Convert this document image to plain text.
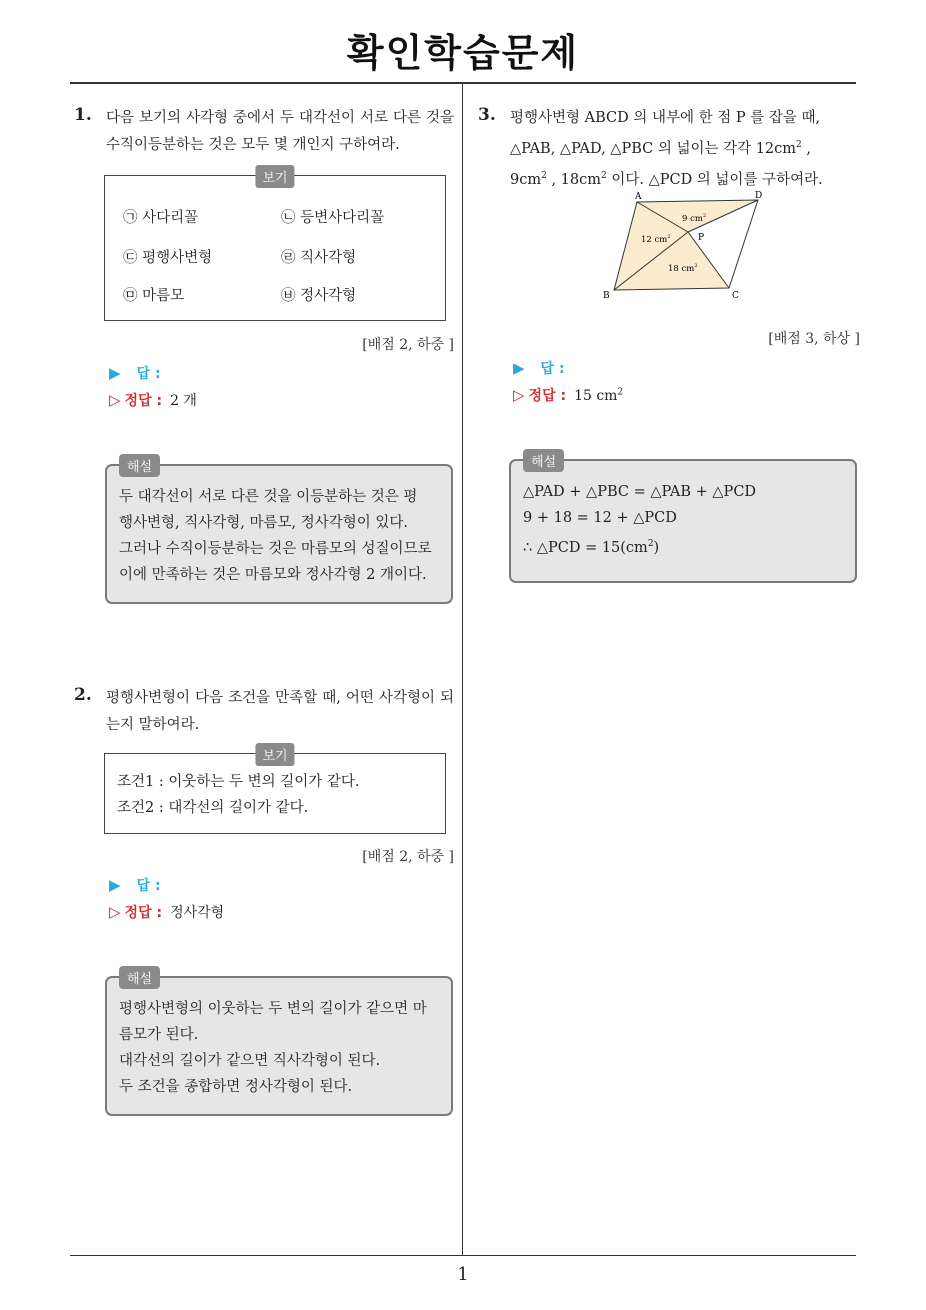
확인학습문제
1
1. 다음 보기의 사각형 중에서 두 대각선이 서로 다른 것을 수직이등분하는 것은 모두 몇 개인지 구하여라.
보기
㉠ 사다리꼴	㉡ 등변사다리꼴
㉢ 평행사변형	㉣ 직사각형
㉤ 마름모	㉥ 정사각형
[배점 2, 하중 ]
▶ 답 :
▷ 정답 : 2 개
해설
두 대각선이 서로 다른 것을 이등분하는 것은 평
행사변형, 직사각형, 마름모, 정사각형이 있다.
그러나 수직이등분하는 것은 마름모의 성질이므로
이에 만족하는 것은 마름모와 정사각형 2 개이다.
2. 평행사변형이 다음 조건을 만족할 때, 어떤 사각형이 되는지 말하여라.
보기
조건1 : 이웃하는 두 변의 길이가 같다.
조건2 : 대각선의 길이가 같다.
[배점 2, 하중 ]
▶ 답 :
▷ 정답 : 정사각형
해설
평행사변형의 이웃하는 두 변의 길이가 같으면 마
름모가 된다.
대각선의 길이가 같으면 직사각형이 된다.
두 조건을 종합하면 정사각형이 된다.
3. 평행사변형 ABCD 의 내부에 한 점 P 를 잡을 때,
△PAB, △PAD, △PBC 의 넓이는 각각 $12cm^2$ ,
$9cm^2$ , $18cm^2$ 이다. △PCD 의 넓이를 구하여라.
A	D
B	C
P
9 $cm^2$
12 $cm^2$
18 $cm^2$
[배점 3, 하상 ]
▶ 답 :
▷ 정답 : 15 $cm^2$
해설
△PAD + △PBC = △PAB + △PCD
9 + 18 = 12 + △PCD
∴ △PCD = $15(cm^2)$
